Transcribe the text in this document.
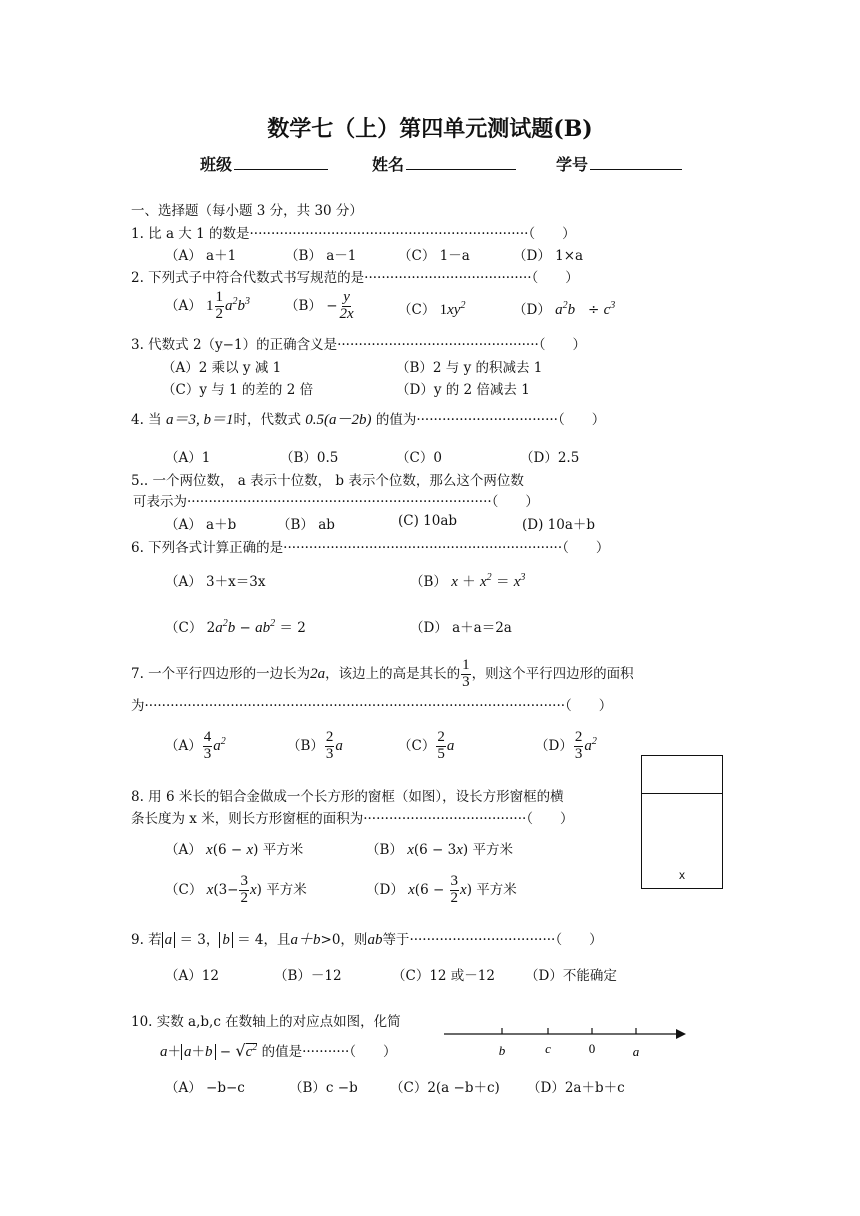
数学七（上）第四单元测试题(B)
班级	姓名	学号
一、选择题（每小题 3 分，共 30 分）
1. 比 a 大 1 的数是·································································（　　）
（A） a＋1	（B） a－1	（C） 1－a	（D） 1×a
2. 下列式子中符合代数式书写规范的是·······································（　　）
（A） $1 \frac{1}{2} a^2b^3$	$(B) - \frac{y}{2x}$	（C） $1xy^2$	（D） $a^2b \div c^3$
3. 代数式 2（y−1）的正确含义是···············································（　　）
（A）2 乘以 y 减 1	（B）2 与 y 的积减去 1
（C）y 与 1 的差的 2 倍	（D）y 的 2 倍减去 1
4. 当 a＝3, b＝1时，代数式 0.5(a－2b) 的值为·································（　　）
（A）1	（B）0.5	（C）0	（D）2.5
5.. 一个两位数， a 表示十位数， b 表示个位数，那么这个两位数
可表示为·······································································（　　）
（A） a＋b	（B） ab	(C) 10ab	(D) 10a＋b
6. 下列各式计算正确的是·································································（　　）
（A） 3＋x＝3x	（B） $x + x^2 = x^3$
（C） $2a^2b - ab^2 = 2$	（D） a＋a＝2a
7. 一个平行四边形的一边长为2a，该边上的高是其长的 $\frac{1}{3}$ ，则这个平行四边形的面积
为··································································································（　　）
$(A) \frac{4}{3} a^2$	$(B) \frac{2}{3}$ a	$(C) \frac{2}{5}$ a	$(D) \frac{2}{3} a^2$
x
8. 用 6 米长的铝合金做成一个长方形的窗框（如图），设长方形窗框的横
条长度为 x 米，则长方形窗框的面积为······································（　　）
（A） x(6 − x) 平方米	（B） x(6 − 3x) 平方米
（C） $x(3- \frac{3}{2} x)$ 平方米	（D） $x(6 - \frac{3}{2} x)$ 平方米
9. 若 a ＝ 3， b ＝ 4，且a＋b>0，则ab等于··································（　　）
（A）12	（B）－12	（C）12 或－12 （D）不能确定
10. 实数 a,b,c 在数轴上的对应点如图，化简
$a+ a+b - √c^2$ 的值是···········（　　）	b	c	0	a
（A） −b−c	（B）c −b （C）2(a −b＋c) （D）2a＋b＋c
